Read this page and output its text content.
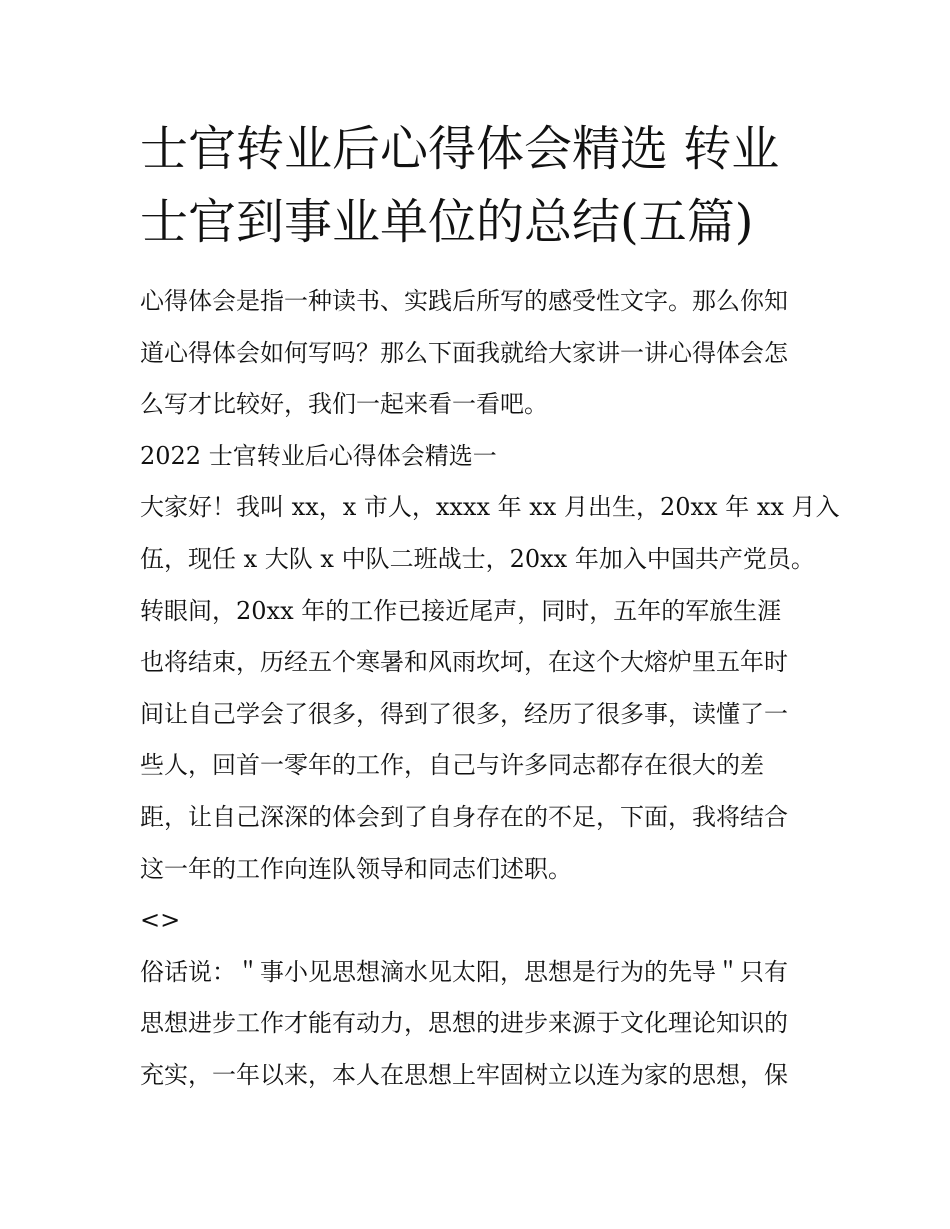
士官转业后心得体会精选 转业
士官到事业单位的总结(五篇)
心得体会是指一种读书、实践后所写的感受性文字。那么你知
道心得体会如何写吗？那么下面我就给大家讲一讲心得体会怎
么写才比较好，我们一起来看一看吧。
2022 士官转业后心得体会精选一
大家好！我叫 xx，x 市人，xxxx 年 xx 月出生，20xx 年 xx 月入
伍，现任 x 大队 x 中队二班战士，20xx 年加入中国共产党员。
转眼间，20xx 年的工作已接近尾声，同时，五年的军旅生涯
也将结束，历经五个寒暑和风雨坎坷，在这个大熔炉里五年时
间让自己学会了很多，得到了很多，经历了很多事，读懂了一
些人，回首一零年的工作，自己与许多同志都存在很大的差
距，让自己深深的体会到了自身存在的不足，下面，我将结合
这一年的工作向连队领导和同志们述职。
<>
俗话说：＂事小见思想滴水见太阳，思想是行为的先导＂只有
思想进步工作才能有动力，思想的进步来源于文化理论知识的
充实，一年以来，本人在思想上牢固树立以连为家的思想，保
